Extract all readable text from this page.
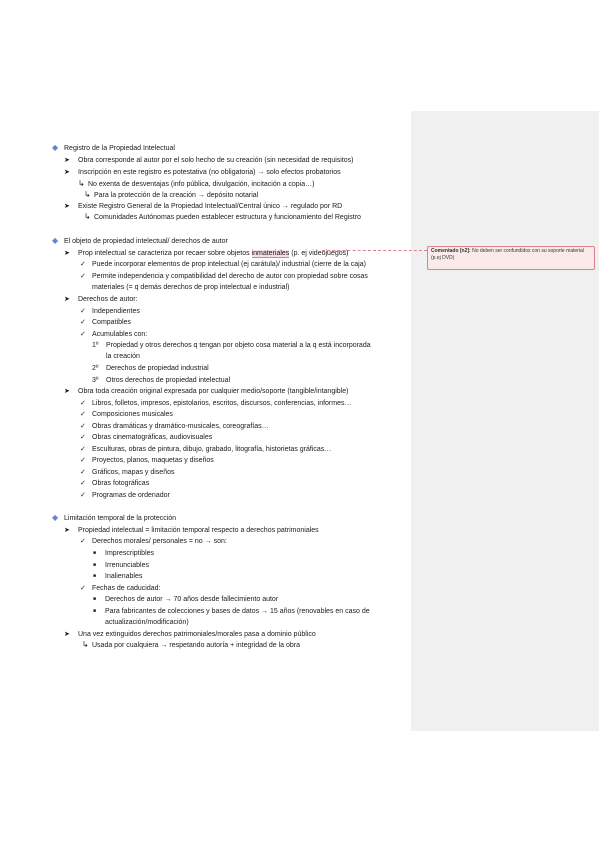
Comentado [n2]: No deben ser confundidos con su soporte material (p.ej DVD)
◆ Registro de la Propiedad Intelectual
➤ Obra corresponde al autor por el solo hecho de su creación (sin necesidad de requisitos)
➤ Inscripción en este registro es potestativa (no obligatoria) → solo efectos probatorios
↳ No exenta de desventajas (info pública, divulgación, incitación a copia…)
↳ Para la protección de la creación → depósito notarial
➤ Existe Registro General de la Propiedad Intelectual/Central único → regulado por RD
↳ Comunidades Autónomas pueden establecer estructura y funcionamiento del Registro
◆ El objeto de propiedad intelectual/ derechos de autor
➤ Prop intelectual se caracteriza por recaer sobre objetos inmateriales (p. ej videojuegos)
✓ Puede incorporar elementos de prop intelectual (ej carátula)/ industrial (cierre de la caja)
✓ Permite independencia y compatibilidad del derecho de autor con propiedad sobre cosas
materiales (= q demás derechos de prop intelectual e industrial)
➤ Derechos de autor:
✓ Independientes
✓ Compatibles
✓ Acumulables con:
1º Propiedad y otros derechos q tengan por objeto cosa material a la q está incorporada
la creación
2º Derechos de propiedad industrial
3º Otros derechos de propiedad intelectual
➤ Obra toda creación original expresada por cualquier medio/soporte (tangible/intangible)
✓ Libros, folletos, impresos, epistolarios, escritos, discursos, conferencias, informes…
✓ Composiciones musicales
✓ Obras dramáticas y dramático-musicales, coreografías…
✓ Obras cinematográficas, audiovisuales
✓ Esculturas, obras de pintura, dibujo, grabado, litografía, historietas gráficas…
✓ Proyectos, planos, maquetas y diseños
✓ Gráficos, mapas y diseños
✓ Obras fotográficas
✓ Programas de ordenador
◆ Limitación temporal de la protección
➤ Propiedad intelectual = limitación temporal respecto a derechos patrimoniales
✓ Derechos morales/ personales = no → son:
■ Imprescriptibles
■ Irrenunciables
■ Inalienables
✓ Fechas de caducidad:
■ Derechos de autor → 70 años desde fallecimiento autor
■ Para fabricantes de colecciones y bases de datos → 15 años (renovables en caso de
actualización/modificación)
➤ Una vez extinguidos derechos patrimoniales/morales pasa a dominio público
↳ Usada por cualquiera → respetando autoría + integridad de la obra
